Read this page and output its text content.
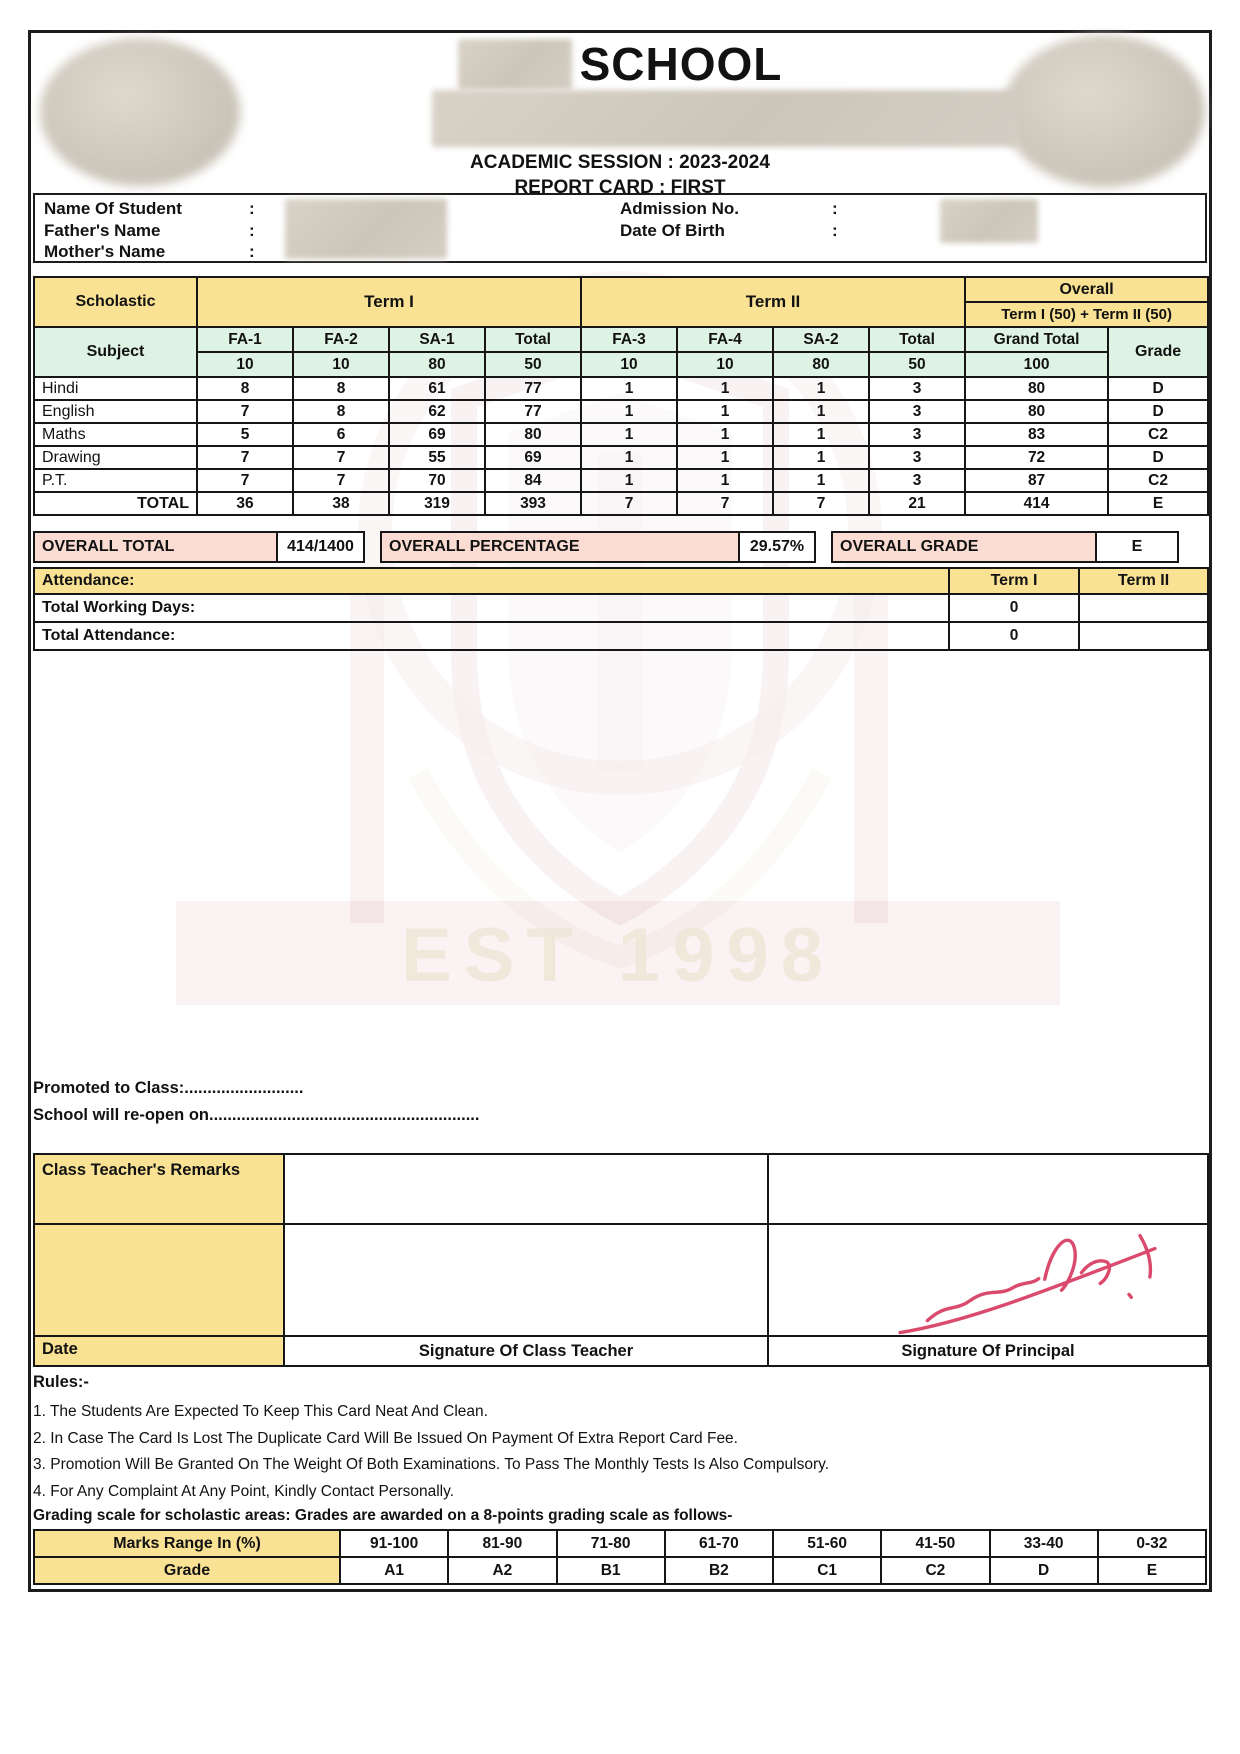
SCHOOL
ACADEMIC SESSION : 2023-2024
REPORT CARD : FIRST
Name Of Student	:
Father's Name	:
Mother's Name	:
Admission No.	:
Date Of Birth	:
EST 1998
Scholastic	Term I				Term II				Overall	
									Term I (50) + Term II (50)	
Subject	FA-1	FA-2	SA-1	Total	FA-3	FA-4	SA-2	Total	Grand Total	Grade
	10	10	80	50	10	10	80	50	100	
Hindi	8	8	61	77	1	1	1	3	80	D
English	7	8	62	77	1	1	1	3	80	D
Maths	5	6	69	80	1	1	1	3	83	C2
Drawing	7	7	55	69	1	1	1	3	72	D
P.T.	7	7	70	84	1	1	1	3	87	C2
TOTAL	36	38	319	393	7	7	7	21	414	E
OVERALL TOTAL	414/1400	OVERALL PERCENTAGE	29.57%	OVERALL GRADE	E
Attendance:	Term I	Term II
Total Working Days:	0	
Total Attendance:	0	
Promoted to Class:..........................
School will re-open on...........................................................
Class Teacher's Remarks		

Date	Signature Of Class Teacher	Signature Of Principal
Rules:-
1. The Students Are Expected To Keep This Card Neat And Clean.
2. In Case The Card Is Lost The Duplicate Card Will Be Issued On Payment Of Extra Report Card Fee.
3. Promotion Will Be Granted On The Weight Of Both Examinations. To Pass The Monthly Tests Is Also Compulsory.
4. For Any Complaint At Any Point, Kindly Contact Personally.
Grading scale for scholastic areas: Grades are awarded on a 8-points grading scale as follows-
Marks Range In (%)	91-100	81-90	71-80	61-70	51-60	41-50	33-40	0-32
Grade	A1	A2	B1	B2	C1	C2	D	E
